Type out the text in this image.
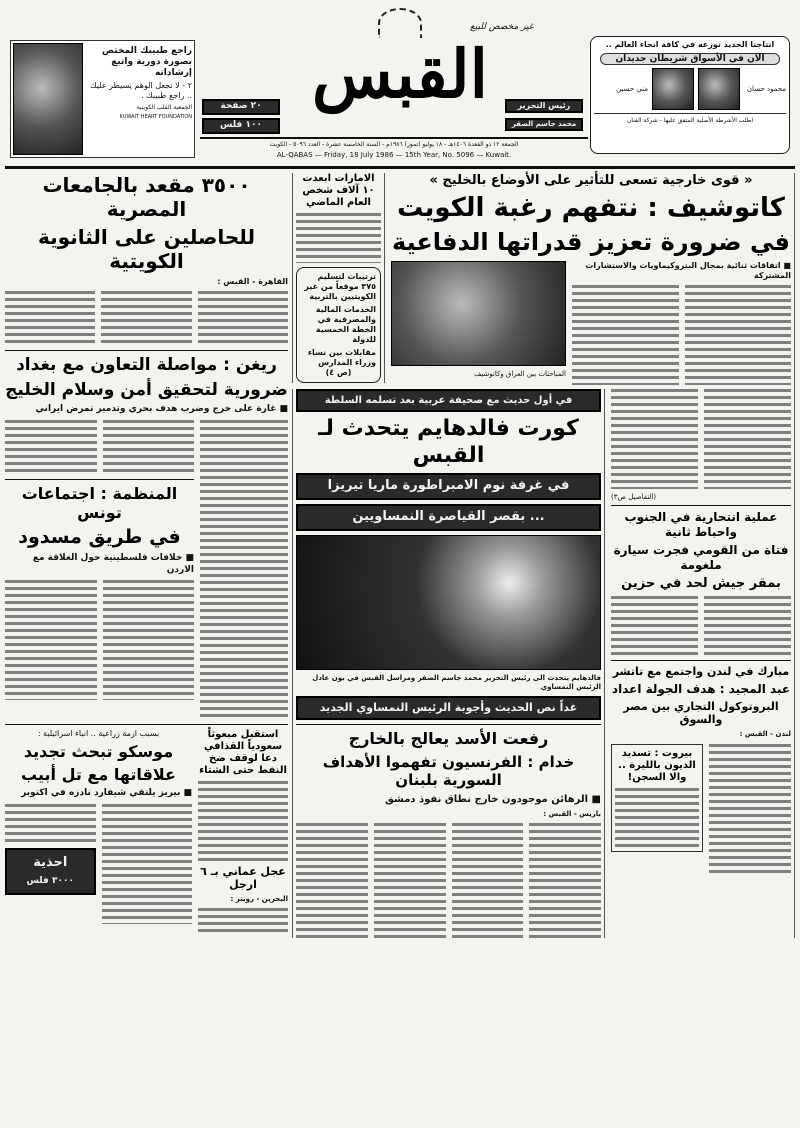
راجع طبيبك المختص بصورة دورية واتبع إرشاداته
٢ - لا تجعل الوهم يسيطر عليك .. راجع طبيبك .
الجمعية القلب الكويتية
KUWAIT HEART FOUNDATION
٢٠ صفحة
١٠٠ فلس
غير مخصص للبيع
القبس	رئيس التحرير
محمد جاسم الصقر
انتاجنا الجديد نوزعه في كافة انحاء العالم ..
الآن في الأسواق شريطان جديدان
محمود حسان
مني حسين
اطلب الأشرطة الأصلية المتفق عليها - شركة الفنان
الجمعة ١٢ ذو القعدة ١٤٠٦هـ - ١٨ يوليو (تموز) ١٩٨٦م - السنة الخامسة عشرة - العدد ٥٠٩٦ - الكويت
AL-QABAS — Friday, 18 July 1986 — 15th Year, No. 5096 — Kuwait.
٣٥٠٠ مقعد بالجامعات المصرية
للحاصلين على الثانوية الكويتية
القاهرة - القبس :
ريغن : مواصلة التعاون مع بغداد
ضرورية لتحقيق أمن وسلام الخليج
■ غارة على خرج وضرب هدف بحري وتدمير تمرض ايراني
المنظمة : اجتماعات تونس
في طريق مسدود
■ خلافات فلسطينية حول العلاقة مع الاردن
استقبل مبعوثاً سعودياً القذافي دعا لوقف ضخ النفط حتى الشتاء
عجل عماني بـ ٦ ارجل
البحرين - رويتر :
بسبب ازمة زراعية .. انباء اسرائيلية :
موسكو تبحث تجديد
علاقاتها مع تل أبيب
■ بيريز يلتقي شيفارد نادزه في اكتوبر
احذية
٣٠٠٠ فلس
« قوى خارجية تسعى للتأثير على الأوضاع بالخليج »
كاتوشيف : نتفهم رغبة الكويت
في ضرورة تعزيز قدراتها الدفاعية
■ اتفاقات ثنائية بمجال البتروكيماويات والاستشارات المشتركة
المباحثات بين العراق وكاتوشيف
الامارات ابعدت ١٠ آلاف شخص العام الماضي
ترتيبات لتسليم ٣٧٥ موقعاً من غير الكويتيين بالتربية
الخدمات المالية والمصرفية في الخطة الخمسية للدولة
مقابلات بين نساء وزراء المدارس
(ص ٤)
(التفاصيل ص٣)
عملية انتحارية في الجنوب واحباط ثانية
فتاة من القومي فجرت سيارة ملغومة
بمقر جيش لحد في حزين
مبارك في لندن واجتمع مع تاتشر
عبد المجيد : هدف الجولة اعداد
البروتوكول التجاري بين مصر والسوق
لندن - القبس :
بيروت : تسديد الديون بالليرة .. والا السجن!
في أول حديث مع صحيفة عربية بعد تسلمه السلطة
كورت فالدهايم يتحدث لـ القبس
في غرفة نوم الامبراطورة ماريا تيريزا
... بقصر القياصرة النمساويين
فالدهايم يتحدث الى رئيس التحرير محمد جاسم الصقر ومراسل القبس في بون عادل الرئيس النمساوي
غداً نص الحديث وأجوبة الرئيس النمساوي الجديد
رفعت الأسد يعالج بالخارج
خدام : الفرنسيون تفهموا الأهداف السورية بلبنان
■ الرهائن موجودون خارج نطاق نفوذ دمشق
باريس - القبس :
